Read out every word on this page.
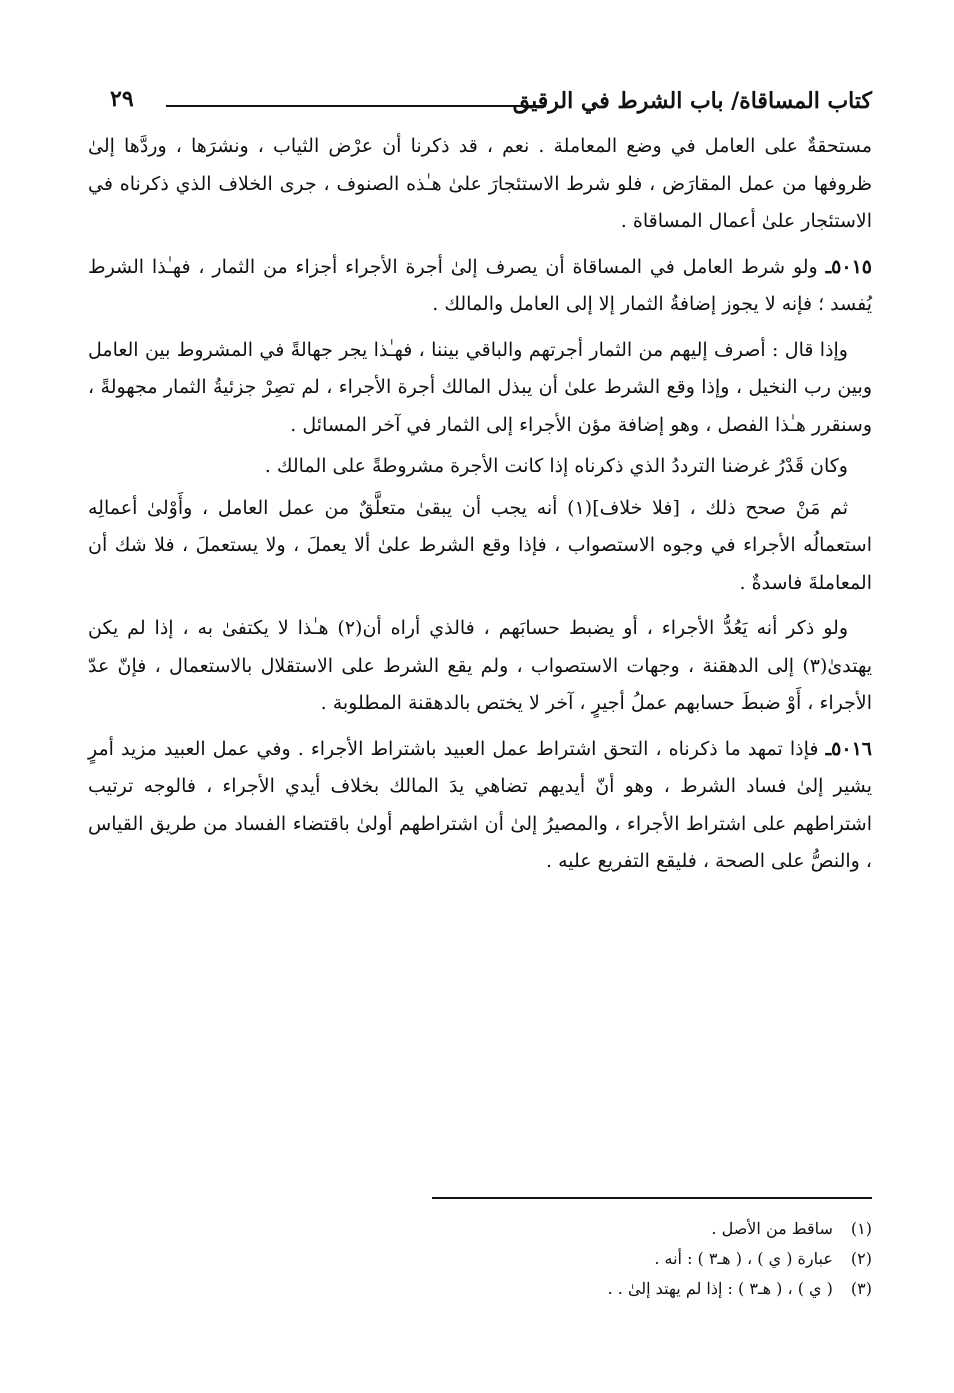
كتاب المساقاة/ باب الشرط في الرقيق
٢٩

مستحقةٌ على العامل في وضع المعاملة . نعم ، قد ذكرنا أن عرْض الثياب ، ونشرَها ، وردَّها إلىٰ ظروفها من عمل المقارَض ، فلو شرط الاستئجارَ علىٰ هـٰذه الصنوف ، جرى الخلاف الذي ذكرناه في الاستئجار علىٰ أعمال المساقاة .

٥٠١٥ـ ولو شرط العامل في المساقاة أن يصرف إلىٰ أجرة الأجراء أجزاء من الثمار ، فهـٰذا الشرط يُفسد ؛ فإنه لا يجوز إضافةُ الثمار إلا إلى العامل والمالك .

وإذا قال : أصرف إليهم من الثمار أجرتهم والباقي بيننا ، فهـٰذا يجر جهالةً في المشروط بين العامل وبين رب النخيل ، وإذا وقع الشرط علىٰ أن يبذل المالك أجرة الأجراء ، لم تصِرْ جزئيةُ الثمار مجهولةً ، وسنقرر هـٰذا الفصل ، وهو إضافة مؤن الأجراء إلى الثمار في آخر المسائل .

وكان قَدْرُ غرضنا الترددُ الذي ذكرناه إذا كانت الأجرة مشروطةً على المالك .

ثم مَنْ صحح ذلك ، [فلا خلاف](١) أنه يجب أن يبقىٰ متعلَّقٌ من عمل العامل ، وأَوْلىٰ أعمالِه استعمالُه الأجراء في وجوه الاستصواب ، فإذا وقع الشرط علىٰ ألا يعملَ ، ولا يستعملَ ، فلا شك أن المعاملةَ فاسدةٌ .

ولو ذكر أنه يَعُدُّ الأجراء ، أو يضبط حسابَهم ، فالذي أراه أن(٢) هـٰذا لا يكتفىٰ به ، إذا لم يكن يهتدىٰ(٣) إلى الدهقنة ، وجهات الاستصواب ، ولم يقع الشرط على الاستقلال بالاستعمال ، فإنّ عدّ الأجراء ، أَوْ ضبطَ حسابهم عملُ أجيرٍ ، آخر لا يختص بالدهقنة المطلوبة .

٥٠١٦ـ فإذا تمهد ما ذكرناه ، التحق اشتراط عمل العبيد باشتراط الأجراء . وفي عمل العبيد مزيد أمرٍ يشير إلىٰ فساد الشرط ، وهو أنّ أيديهم تضاهي يدَ المالك بخلاف أيدي الأجراء ، فالوجه ترتيب اشتراطهم على اشتراط الأجراء ، والمصيرُ إلىٰ أن اشتراطهم أولىٰ باقتضاء الفساد من طريق القياس ، والنصُّ على الصحة ، فليقع التفريع عليه .

(١) ساقط من الأصل .
(٢) عبارة ( ي ) ، ( هـ٣ ) : أنه .
(٣) ( ي ) ، ( هـ٣ ) : إذا لم يهتد إلىٰ . .
